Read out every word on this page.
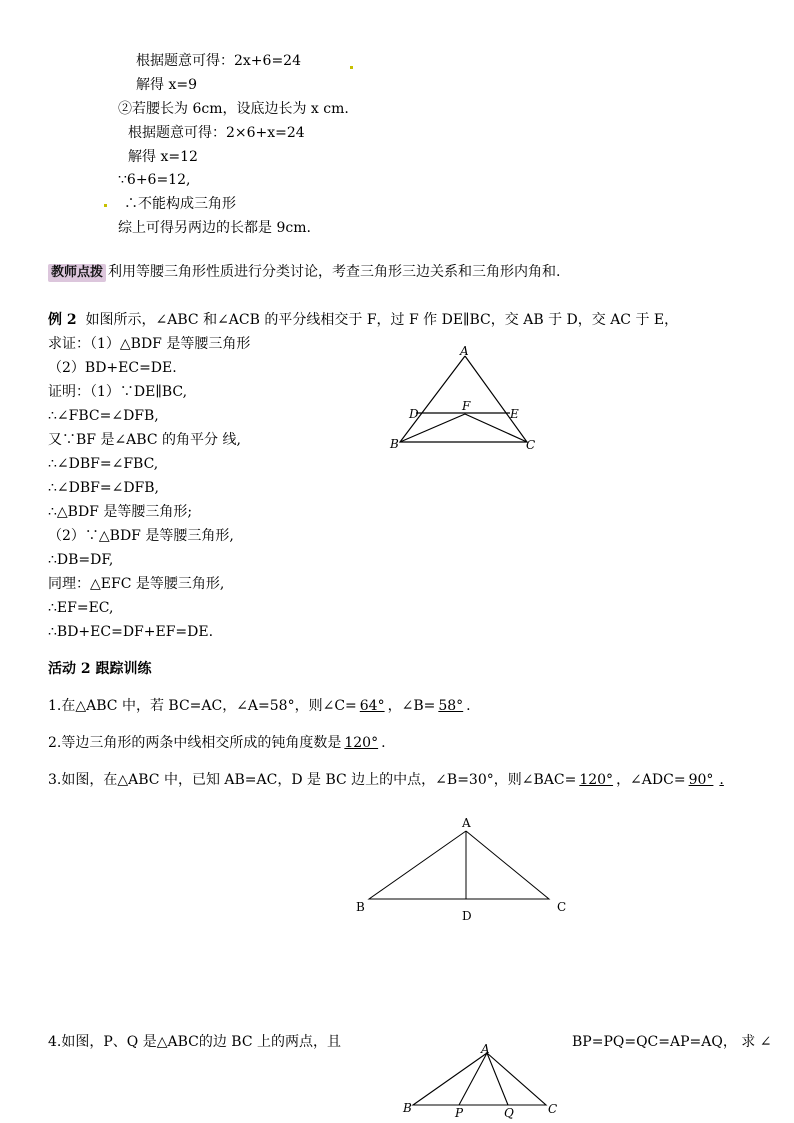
根据题意可得：2x+6=24
解得 x=9
②若腰长为 6cm，设底边长为 x cm.
根据题意可得：2×6+x=24
解得 x=12
∵6+6=12,
∴不能构成三角形
综上可得另两边的长都是 9cm.
教师点拨 利用等腰三角形性质进行分类讨论，考查三角形三边关系和三角形内角和.
例 2 如图所示，∠ABC 和∠ACB 的平分线相交于 F，过 F 作 DE∥BC，交 AB 于 D，交 AC 于 E，
求证：（1）△BDF 是等腰三角形
（2）BD+EC=DE.
证明：（1）∵DE∥BC,
∴∠FBC=∠DFB,
又∵BF 是∠ABC 的角平分 线,
∴∠DBF=∠FBC,
∴∠DBF=∠DFB,
∴△BDF 是等腰三角形;
（2）∵△BDF 是等腰三角形,
∴DB=DF,
同理：△EFC 是等腰三角形,
∴EF=EC,
∴BD+EC=DF+EF=DE.
A
B	C
D	E
F
活动 2 跟踪训练
1.在△ABC 中，若 BC=AC，∠A=58°，则∠C= 64° ，∠B= 58° .
2.等边三角形的两条中线相交所成的钝角度数是 120° .
3.如图，在△ABC 中，已知 AB=AC，D 是 BC 边上的中点，∠B=30°，则∠BAC= 120° ，∠ADC= 90° .
A
B	C
D
4.如图，P、Q 是△ABC的边 BC 上的两点，且	BP=PQ=QC=AP=AQ， 求 ∠
A
B	C
P	Q
